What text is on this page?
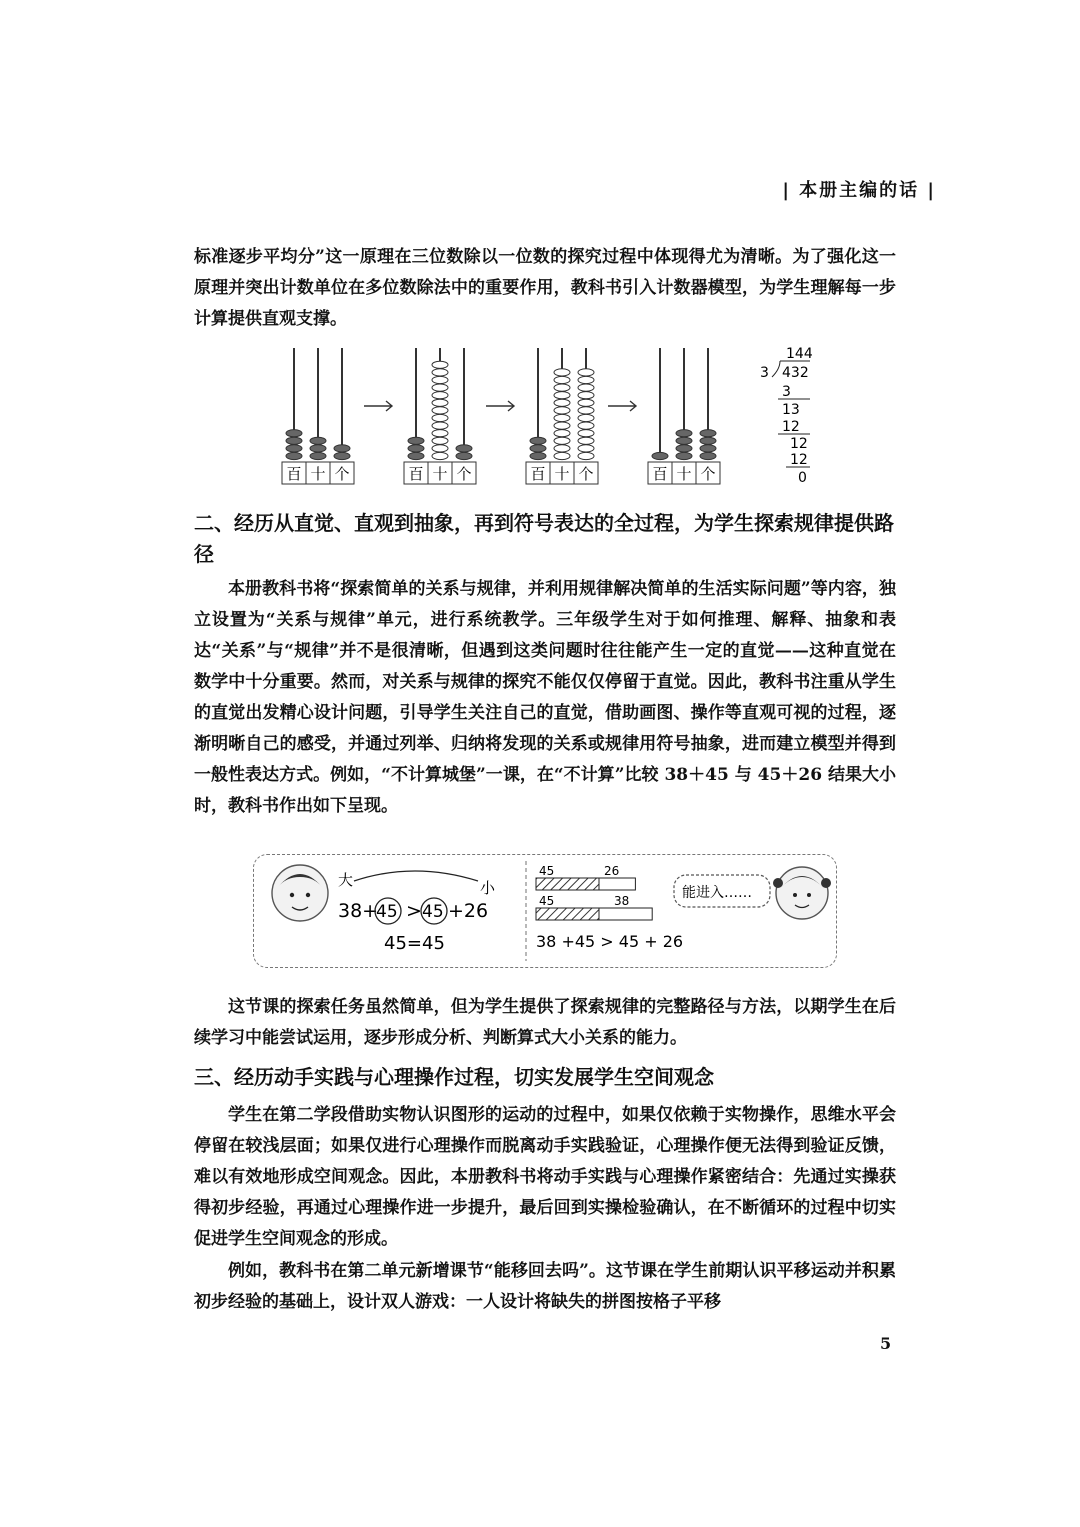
| 本册主编的话 |

标准逐步平均分”这一原理在三位数除以一位数的探究过程中体现得尤为清晰。为了强化这一原理并突出计数单位在多位数除法中的重要作用，教科书引入计数器模型，为学生理解每一步计算提供直观支撑。

百 十 个	百 十 个	百 十 个	百 十 个
144
3 432
3
13
12
12
12
0
二、经历从直觉、直观到抽象，再到符号表达的全过程，为学生探索规律提供路径

本册教科书将“探索简单的关系与规律，并利用规律解决简单的生活实际问题”等内容，独立设置为“关系与规律”单元，进行系统教学。三年级学生对于如何推理、解释、抽象和表达“关系”与“规律”并不是很清晰，但遇到这类问题时往往能产生一定的直觉——这种直觉在数学中十分重要。然而，对关系与规律的探究不能仅仅停留于直觉。因此，教科书注重从学生的直觉出发精心设计问题，引导学生关注自己的直觉，借助画图、操作等直观可视的过程，逐渐明晰自己的感受，并通过列举、归纳将发现的关系或规律用符号抽象，进而建立模型并得到一般性表达方式。例如，“不计算城堡”一课，在“不计算”比较 38＋45 与 45＋26 结果大小时，教科书作出如下呈现。

大	小
38+
45 > 45 +26
45=45
45	26
45	38
38 +45 > 45 + 26
能进入……

这节课的探索任务虽然简单，但为学生提供了探索规律的完整路径与方法，以期学生在后续学习中能尝试运用，逐步形成分析、判断算式大小关系的能力。

三、经历动手实践与心理操作过程，切实发展学生空间观念

学生在第二学段借助实物认识图形的运动的过程中，如果仅依赖于实物操作，思维水平会停留在较浅层面；如果仅进行心理操作而脱离动手实践验证，心理操作便无法得到验证反馈，难以有效地形成空间观念。因此，本册教科书将动手实践与心理操作紧密结合：先通过实操获得初步经验，再通过心理操作进一步提升，最后回到实操检验确认，在不断循环的过程中切实促进学生空间观念的形成。

例如，教科书在第二单元新增课节“能移回去吗”。这节课在学生前期认识平移运动并积累初步经验的基础上，设计双人游戏：一人设计将缺失的拼图按格子平移

5
